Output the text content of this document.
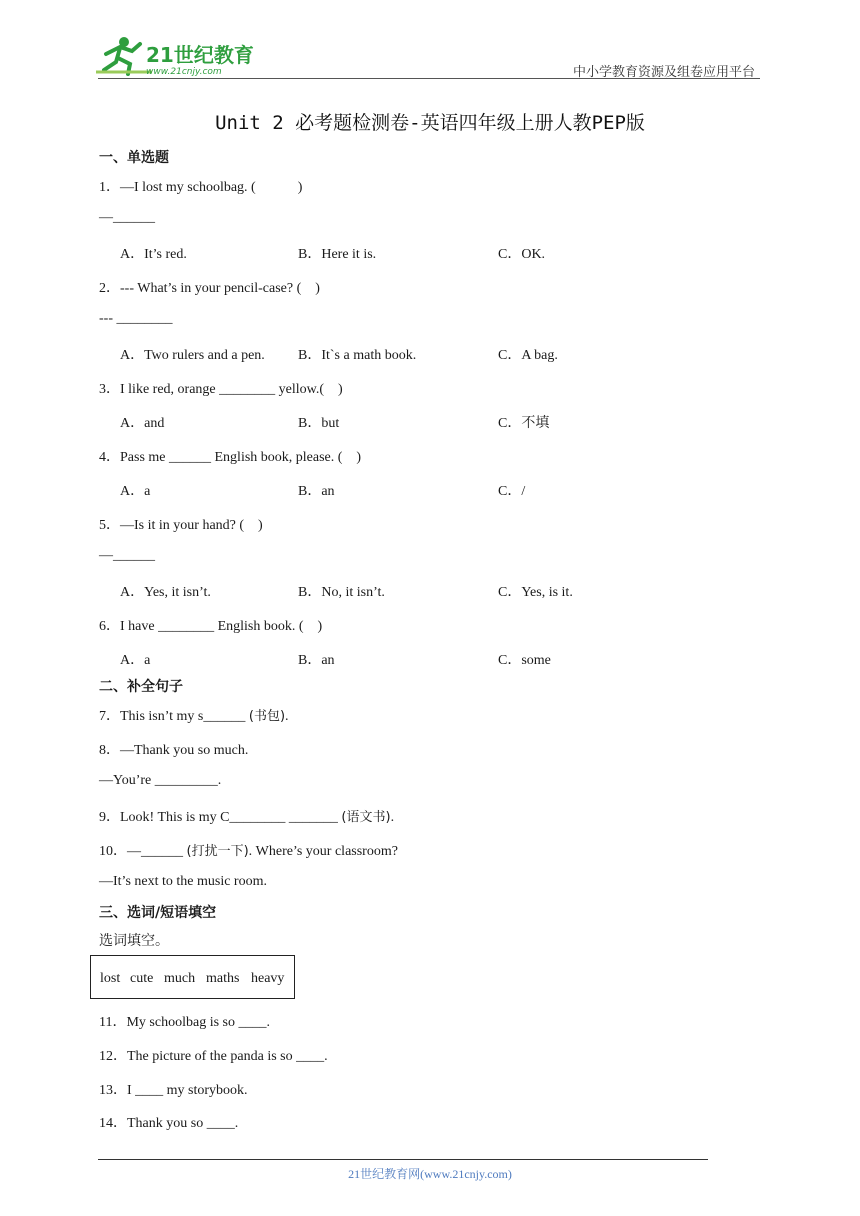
21世纪教育
www.21cnjy.com	中小学教育资源及组卷应用平台
Unit 2 必考题检测卷-英语四年级上册人教PEP版
一、单选题
1．—I lost my schoolbag. (　　　)
—______
A．It’s red.	B．Here it is.	C．OK.
2．--- What’s in your pencil-case? (　)
--- ________
A．Two rulers and a pen. B．It`s a math book.	C．A bag.
3．I like red, orange ________ yellow.(　)
A．and	B．but	C．不填
4．Pass me ______ English book, please. (　)
A．a	B．an	C．/
5．—Is it in your hand? (　)
—______
A．Yes, it isn’t.	B．No, it isn’t.	C．Yes, is it.
6．I have ________ English book. (　)
A．a	B．an	C．some
二、补全句子
7．This isn’t my s______ (书包).
8．—Thank you so much.
—You’re _________.
9．Look! This is my C________ _______ (语文书).
10．—______ (打扰一下). Where’s your classroom?
—It’s next to the music room.
三、选词/短语填空
选词填空。
lost cute much maths heavy
11．My schoolbag is so ____.
12．The picture of the panda is so ____.
13．I ____ my storybook.
14．Thank you so ____.
21世纪教育网(www.21cnjy.com)
